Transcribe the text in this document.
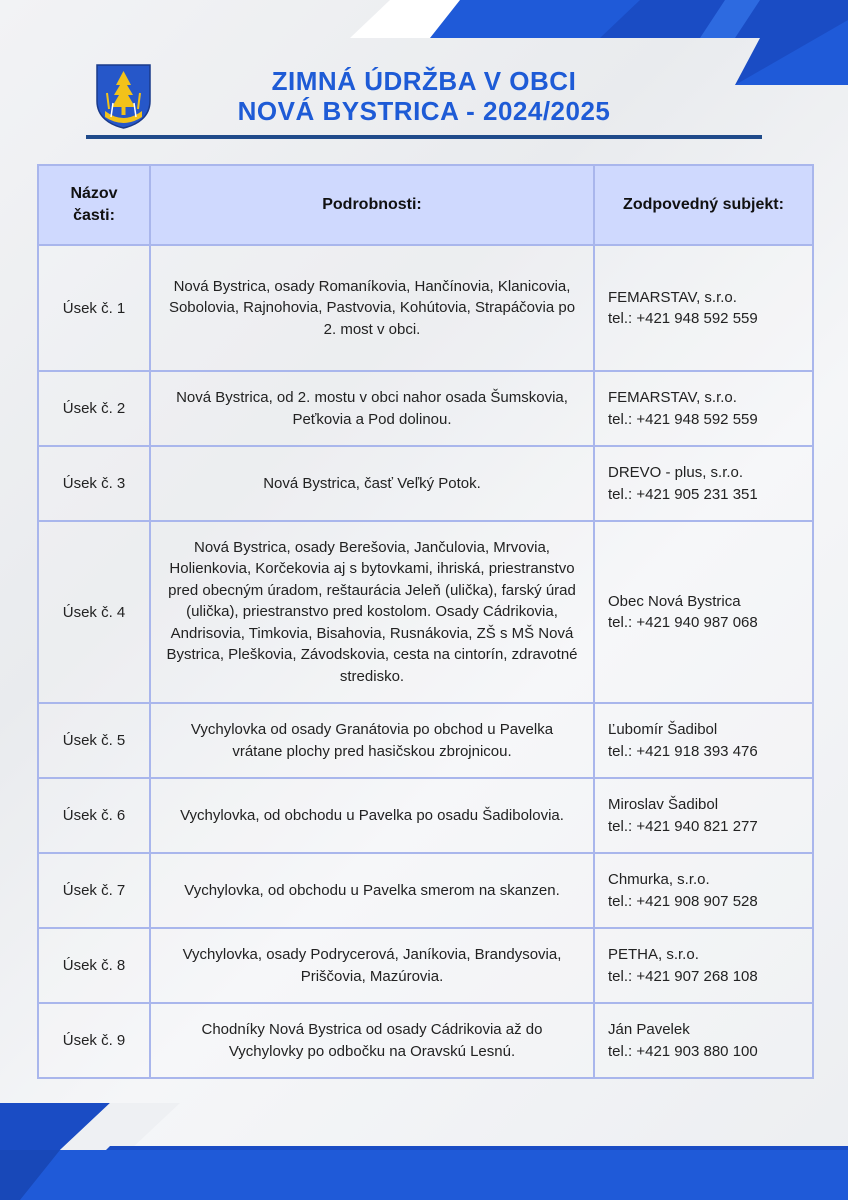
ZIMNÁ ÚDRŽBA V OBCI
NOVÁ BYSTRICA - 2024/2025
Názov
časti:	Podrobnosti:	Zodpovedný subjekt:
Úsek č. 1	Nová Bystrica, osady Romaníkovia, Hančínovia, Klanicovia, Sobolovia, Rajnohovia, Pastvovia, Kohútovia, Strapáčovia po 2. most v obci.	FEMARSTAV, s.r.o.
tel.: +421 948 592 559

Úsek č. 2	Nová Bystrica, od 2. mostu v obci nahor osada Šumskovia, Peťkovia a Pod dolinou.	FEMARSTAV, s.r.o.
tel.: +421 948 592 559

Úsek č. 3	Nová Bystrica, časť Veľký Potok.	DREVO - plus, s.r.o.
tel.: +421 905 231 351

Úsek č. 4	Nová Bystrica, osady Berešovia, Jančulovia, Mrvovia, Holienkovia, Korčekovia aj s bytovkami, ihriská, priestranstvo pred obecným úradom, reštaurácia Jeleň (ulička), farský úrad (ulička), priestranstvo pred kostolom. Osady Cádrikovia, Andrisovia, Timkovia, Bisahovia, Rusnákovia, ZŠ s MŠ Nová Bystrica, Pleškovia, Závodskovia, cesta na cintorín, zdravotné stredisko.	Obec Nová Bystrica
tel.: +421 940 987 068

Úsek č. 5	Vychylovka od osady Granátovia po obchod u Pavelka vrátane plochy pred hasičskou zbrojnicou.	Ľubomír Šadibol
tel.: +421 918 393 476

Úsek č. 6	Vychylovka, od obchodu u Pavelka po osadu Šadibolovia.	Miroslav Šadibol
tel.: +421 940 821 277

Úsek č. 7	Vychylovka, od obchodu u Pavelka smerom na skanzen.	Chmurka, s.r.o.
tel.: +421 908 907 528

Úsek č. 8	Vychylovka, osady Podrycerová, Janíkovia, Brandysovia, Priščovia, Mazúrovia.	PETHA, s.r.o.
tel.: +421 907 268 108

Úsek č. 9	Chodníky Nová Bystrica od osady Cádrikovia až do Vychylovky po odbočku na Oravskú Lesnú.	Ján Pavelek
tel.: +421 903 880 100
